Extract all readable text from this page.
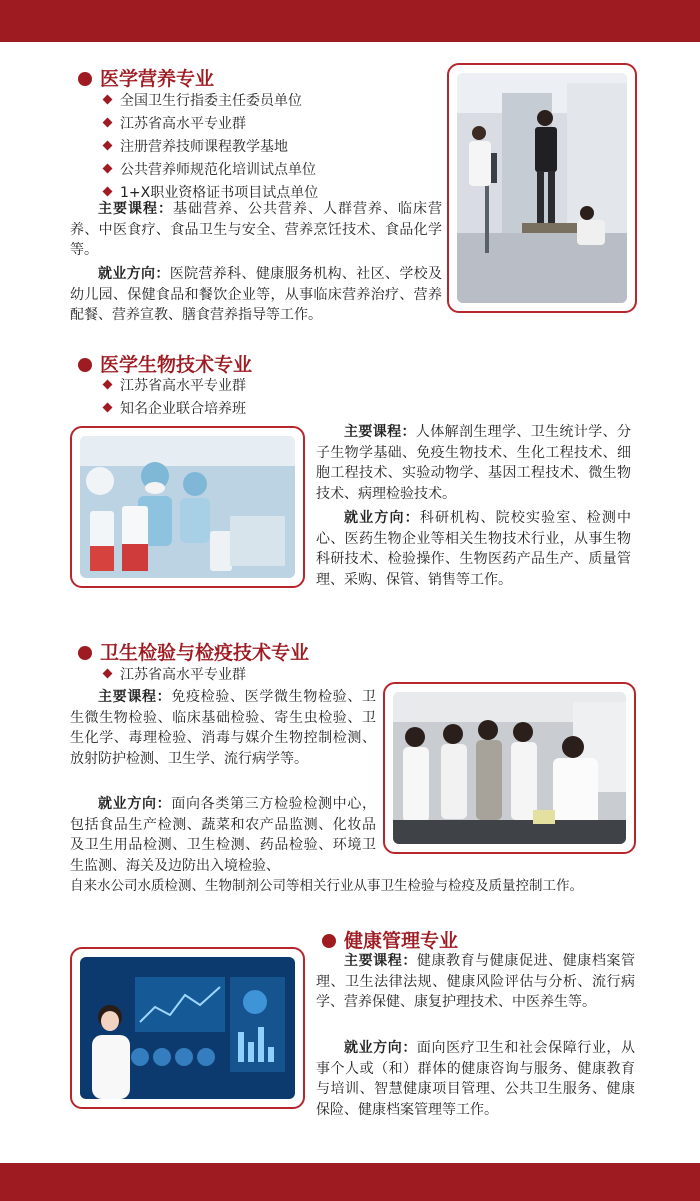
医学营养专业
全国卫生行指委主任委员单位
江苏省高水平专业群
注册营养技师课程教学基地
公共营养师规范化培训试点单位
1+X职业资格证书项目试点单位

主要课程：基础营养、公共营养、人群营养、临床营养、中医食疗、食品卫生与安全、营养烹饪技术、食品化学等。

就业方向：医院营养科、健康服务机构、社区、学校及幼儿园、保健食品和餐饮企业等，从事临床营养治疗、营养配餐、营养宣教、膳食营养指导等工作。

医学生物技术专业
江苏省高水平专业群
知名企业联合培养班

主要课程：人体解剖生理学、卫生统计学、分子生物学基础、免疫生物技术、生化工程技术、细胞工程技术、实验动物学、基因工程技术、微生物技术、病理检验技术。

就业方向：科研机构、院校实验室、检测中心、医药生物企业等相关生物技术行业，从事生物科研技术、检验操作、生物医药产品生产、质量管理、采购、保管、销售等工作。

卫生检验与检疫技术专业
江苏省高水平专业群

主要课程：免疫检验、医学微生物检验、卫生微生物检验、临床基础检验、寄生虫检验、卫生化学、毒理检验、消毒与媒介生物控制检测、放射防护检测、卫生学、流行病学等。

就业方向：面向各类第三方检验检测中心，包括食品生产检测、蔬菜和农产品监测、化妆品及卫生用品检测、卫生检测、药品检验、环境卫生监测、海关及边防出入境检验、

自来水公司水质检测、生物制剂公司等相关行业从事卫生检验与检疫及质量控制工作。

健康管理专业

主要课程：健康教育与健康促进、健康档案管理、卫生法律法规、健康风险评估与分析、流行病学、营养保健、康复护理技术、中医养生等。

就业方向：面向医疗卫生和社会保障行业，从事个人或（和）群体的健康咨询与服务、健康教育与培训、智慧健康项目管理、公共卫生服务、健康保险、健康档案管理等工作。
